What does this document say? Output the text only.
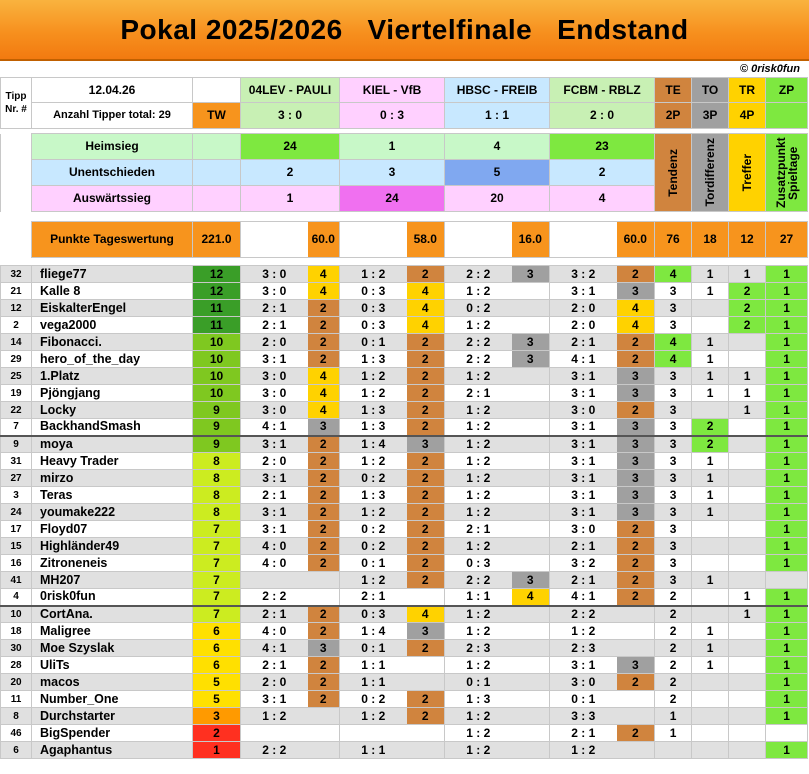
Pokal 2025/2026   Viertelfinale   Endstand
© 0risk0fun
Tipp
Nr. #	12.04.26		04LEV - PAULI		KIEL - VfB		HBSC - FREIB		FCBM - RBLZ		TE	TO	TR	ZP
	Anzahl Tipper total: 29	TW	3 : 0		0 : 3		1 : 1		2 : 0		2P	3P	4P	

	Heimsieg		24		1		4		23		Tendenz	Tordifferenz	Treffer	Zusatzpunkt Spieltage

	Unentschieden		2		3		5		2					
	Auswärtssieg		1		24		20		4					

	Punkte Tageswertung	221.0		60.0		58.0		16.0		60.0	76	18	12	27

32	fliege77	12	3 : 0	4	1 : 2	2	2 : 2	3	3 : 2	2	4	1	1	1
21	Kalle 8	12	3 : 0	4	0 : 3	4	1 : 2		3 : 1	3	3	1	2	1
12	EiskalterEngel	11	2 : 1	2	0 : 3	4	0 : 2		2 : 0	4	3		2	1
2	vega2000	11	2 : 1	2	0 : 3	4	1 : 2		2 : 0	4	3		2	1
14	Fibonacci.	10	2 : 0	2	0 : 1	2	2 : 2	3	2 : 1	2	4	1		1
29	hero_of_the_day	10	3 : 1	2	1 : 3	2	2 : 2	3	4 : 1	2	4	1		1
25	1.Platz	10	3 : 0	4	1 : 2	2	1 : 2		3 : 1	3	3	1	1	1
19	Pjöngjang	10	3 : 0	4	1 : 2	2	2 : 1		3 : 1	3	3	1	1	1
22	Locky	9	3 : 0	4	1 : 3	2	1 : 2		3 : 0	2	3		1	1
7	BackhandSmash	9	4 : 1	3	1 : 3	2	1 : 2		3 : 1	3	3	2		1
9	moya	9	3 : 1	2	1 : 4	3	1 : 2		3 : 1	3	3	2		1
31	Heavy Trader	8	2 : 0	2	1 : 2	2	1 : 2		3 : 1	3	3	1		1
27	mirzo	8	3 : 1	2	0 : 2	2	1 : 2		3 : 1	3	3	1		1
3	Teras	8	2 : 1	2	1 : 3	2	1 : 2		3 : 1	3	3	1		1
24	youmake222	8	3 : 1	2	1 : 2	2	1 : 2		3 : 1	3	3	1		1
17	Floyd07	7	3 : 1	2	0 : 2	2	2 : 1		3 : 0	2	3			1
15	Highländer49	7	4 : 0	2	0 : 2	2	1 : 2		2 : 1	2	3			1
16	Zitroneneis	7	4 : 0	2	0 : 1	2	0 : 3		3 : 2	2	3			1
41	MH207	7			1 : 2	2	2 : 2	3	2 : 1	2	3	1		
4	0risk0fun	7	2 : 2		2 : 1		1 : 1	4	4 : 1	2	2		1	1
10	CortAna.	7	2 : 1	2	0 : 3	4	1 : 2		2 : 2		2		1	1
18	Maligree	6	4 : 0	2	1 : 4	3	1 : 2		1 : 2		2	1		1
30	Moe Szyslak	6	4 : 1	3	0 : 1	2	2 : 3		2 : 3		2	1		1
28	UliTs	6	2 : 1	2	1 : 1		1 : 2		3 : 1	3	2	1		1
20	macos	5	2 : 0	2	1 : 1		0 : 1		3 : 0	2	2			1
11	Number_One	5	3 : 1	2	0 : 2	2	1 : 3		0 : 1		2			1
8	Durchstarter	3	1 : 2		1 : 2	2	1 : 2		3 : 3		1			1
46	BigSpender	2					1 : 2		2 : 1	2	1			
6	Agaphantus	1	2 : 2		1 : 1		1 : 2		1 : 2					1
